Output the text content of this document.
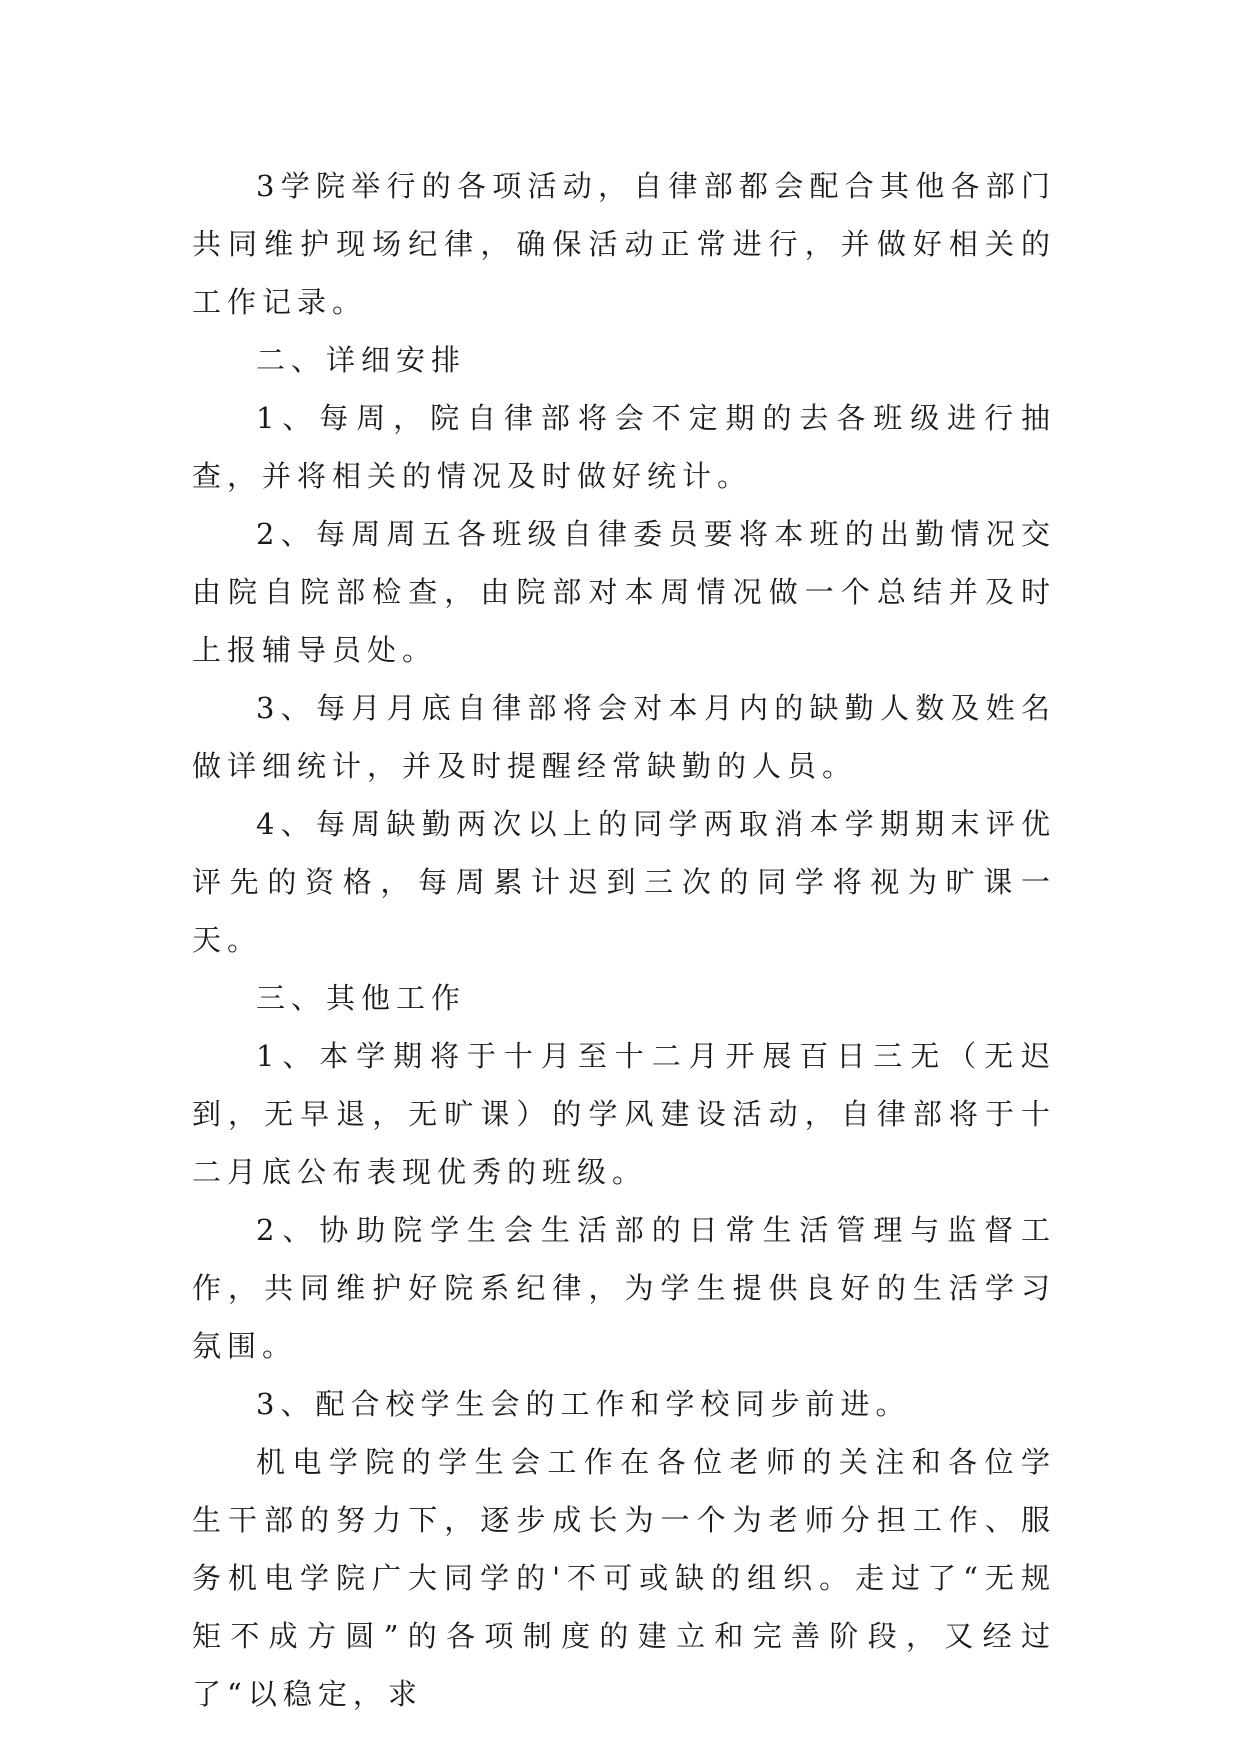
3学院举行的各项活动，自律部都会配合其他各部门共同维护现场纪律，确保活动正常进行，并做好相关的工作记录。

二、详细安排

1、每周，院自律部将会不定期的去各班级进行抽查，并将相关的情况及时做好统计。

2、每周周五各班级自律委员要将本班的出勤情况交由院自院部检查，由院部对本周情况做一个总结并及时上报辅导员处。

3、每月月底自律部将会对本月内的缺勤人数及姓名做详细统计，并及时提醒经常缺勤的人员。

4、每周缺勤两次以上的同学两取消本学期期末评优评先的资格，每周累计迟到三次的同学将视为旷课一天。

三、其他工作

1、本学期将于十月至十二月开展百日三无（无迟到，无早退，无旷课）的学风建设活动，自律部将于十二月底公布表现优秀的班级。

2、协助院学生会生活部的日常生活管理与监督工作，共同维护好院系纪律，为学生提供良好的生活学习氛围。

3、配合校学生会的工作和学校同步前进。

机电学院的学生会工作在各位老师的关注和各位学生干部的努力下，逐步成长为一个为老师分担工作、服务机电学院广大同学的'不可或缺的组织。走过了“无规矩不成方圆”的各项制度的建立和完善阶段，又经过了“以稳定，求
